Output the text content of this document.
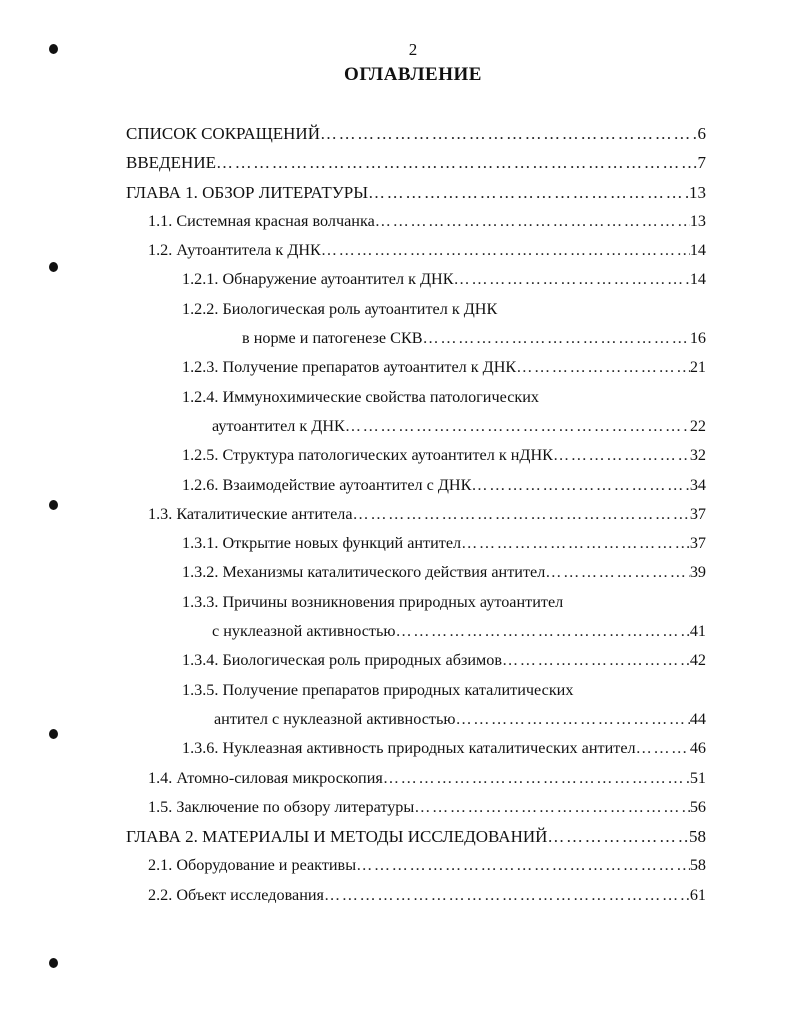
2
ОГЛАВЛЕНИЕ
СПИСОК СОКРАЩЕНИЙ ……………………………………………………………………………………………………………………………………	6
ВВЕДЕНИЕ ……………………………………………………………………………………………………………………………………	7
ГЛАВА 1. ОБЗОР ЛИТЕРАТУРЫ ……………………………………………………………………………………………………………………………………	13
1.1. Системная красная волчанка ……………………………………………………………………………………………………………………………………	13
1.2. Аутоантитела к ДНК ……………………………………………………………………………………………………………………………………	14
1.2.1. Обнаружение аутоантител к ДНК ……………………………………………………………………………………………………………………………………	14
1.2.2. Биологическая роль аутоантител к ДНК
в норме и патогенезе СКВ ……………………………………………………………………………………………………………………………………	16
1.2.3. Получение препаратов аутоантител к ДНК ……………………………………………………………………………………………………………………………………	21
1.2.4. Иммунохимические свойства патологических
аутоантител к ДНК ……………………………………………………………………………………………………………………………………	22
1.2.5. Структура патологических аутоантител к нДНК ……………………………………………………………………………………………………………………………………	32
1.2.6. Взаимодействие аутоантител с ДНК ……………………………………………………………………………………………………………………………………	34
1.3. Каталитические антитела ……………………………………………………………………………………………………………………………………	37
1.3.1. Открытие новых функций антител ……………………………………………………………………………………………………………………………………	37
1.3.2. Механизмы каталитического действия антител ……………………………………………………………………………………………………………………………………	39
1.3.3. Причины возникновения природных аутоантител
с нуклеазной активностью ……………………………………………………………………………………………………………………………………	41
1.3.4. Биологическая роль природных абзимов ……………………………………………………………………………………………………………………………………	42
1.3.5. Получение препаратов природных каталитических
антител с нуклеазной активностью ……………………………………………………………………………………………………………………………………	44
1.3.6. Нуклеазная активность природных каталитических антител ……………………………………………………………………………………………………………………………………	46
1.4. Атомно-силовая микроскопия ……………………………………………………………………………………………………………………………………	51
1.5. Заключение по обзору литературы ……………………………………………………………………………………………………………………………………	56
ГЛАВА 2. МАТЕРИАЛЫ И МЕТОДЫ ИССЛЕДОВАНИЙ ……………………………………………………………………………………………………………………………………	58
2.1. Оборудование и реактивы ……………………………………………………………………………………………………………………………………	58
2.2. Объект исследования ……………………………………………………………………………………………………………………………………	61
